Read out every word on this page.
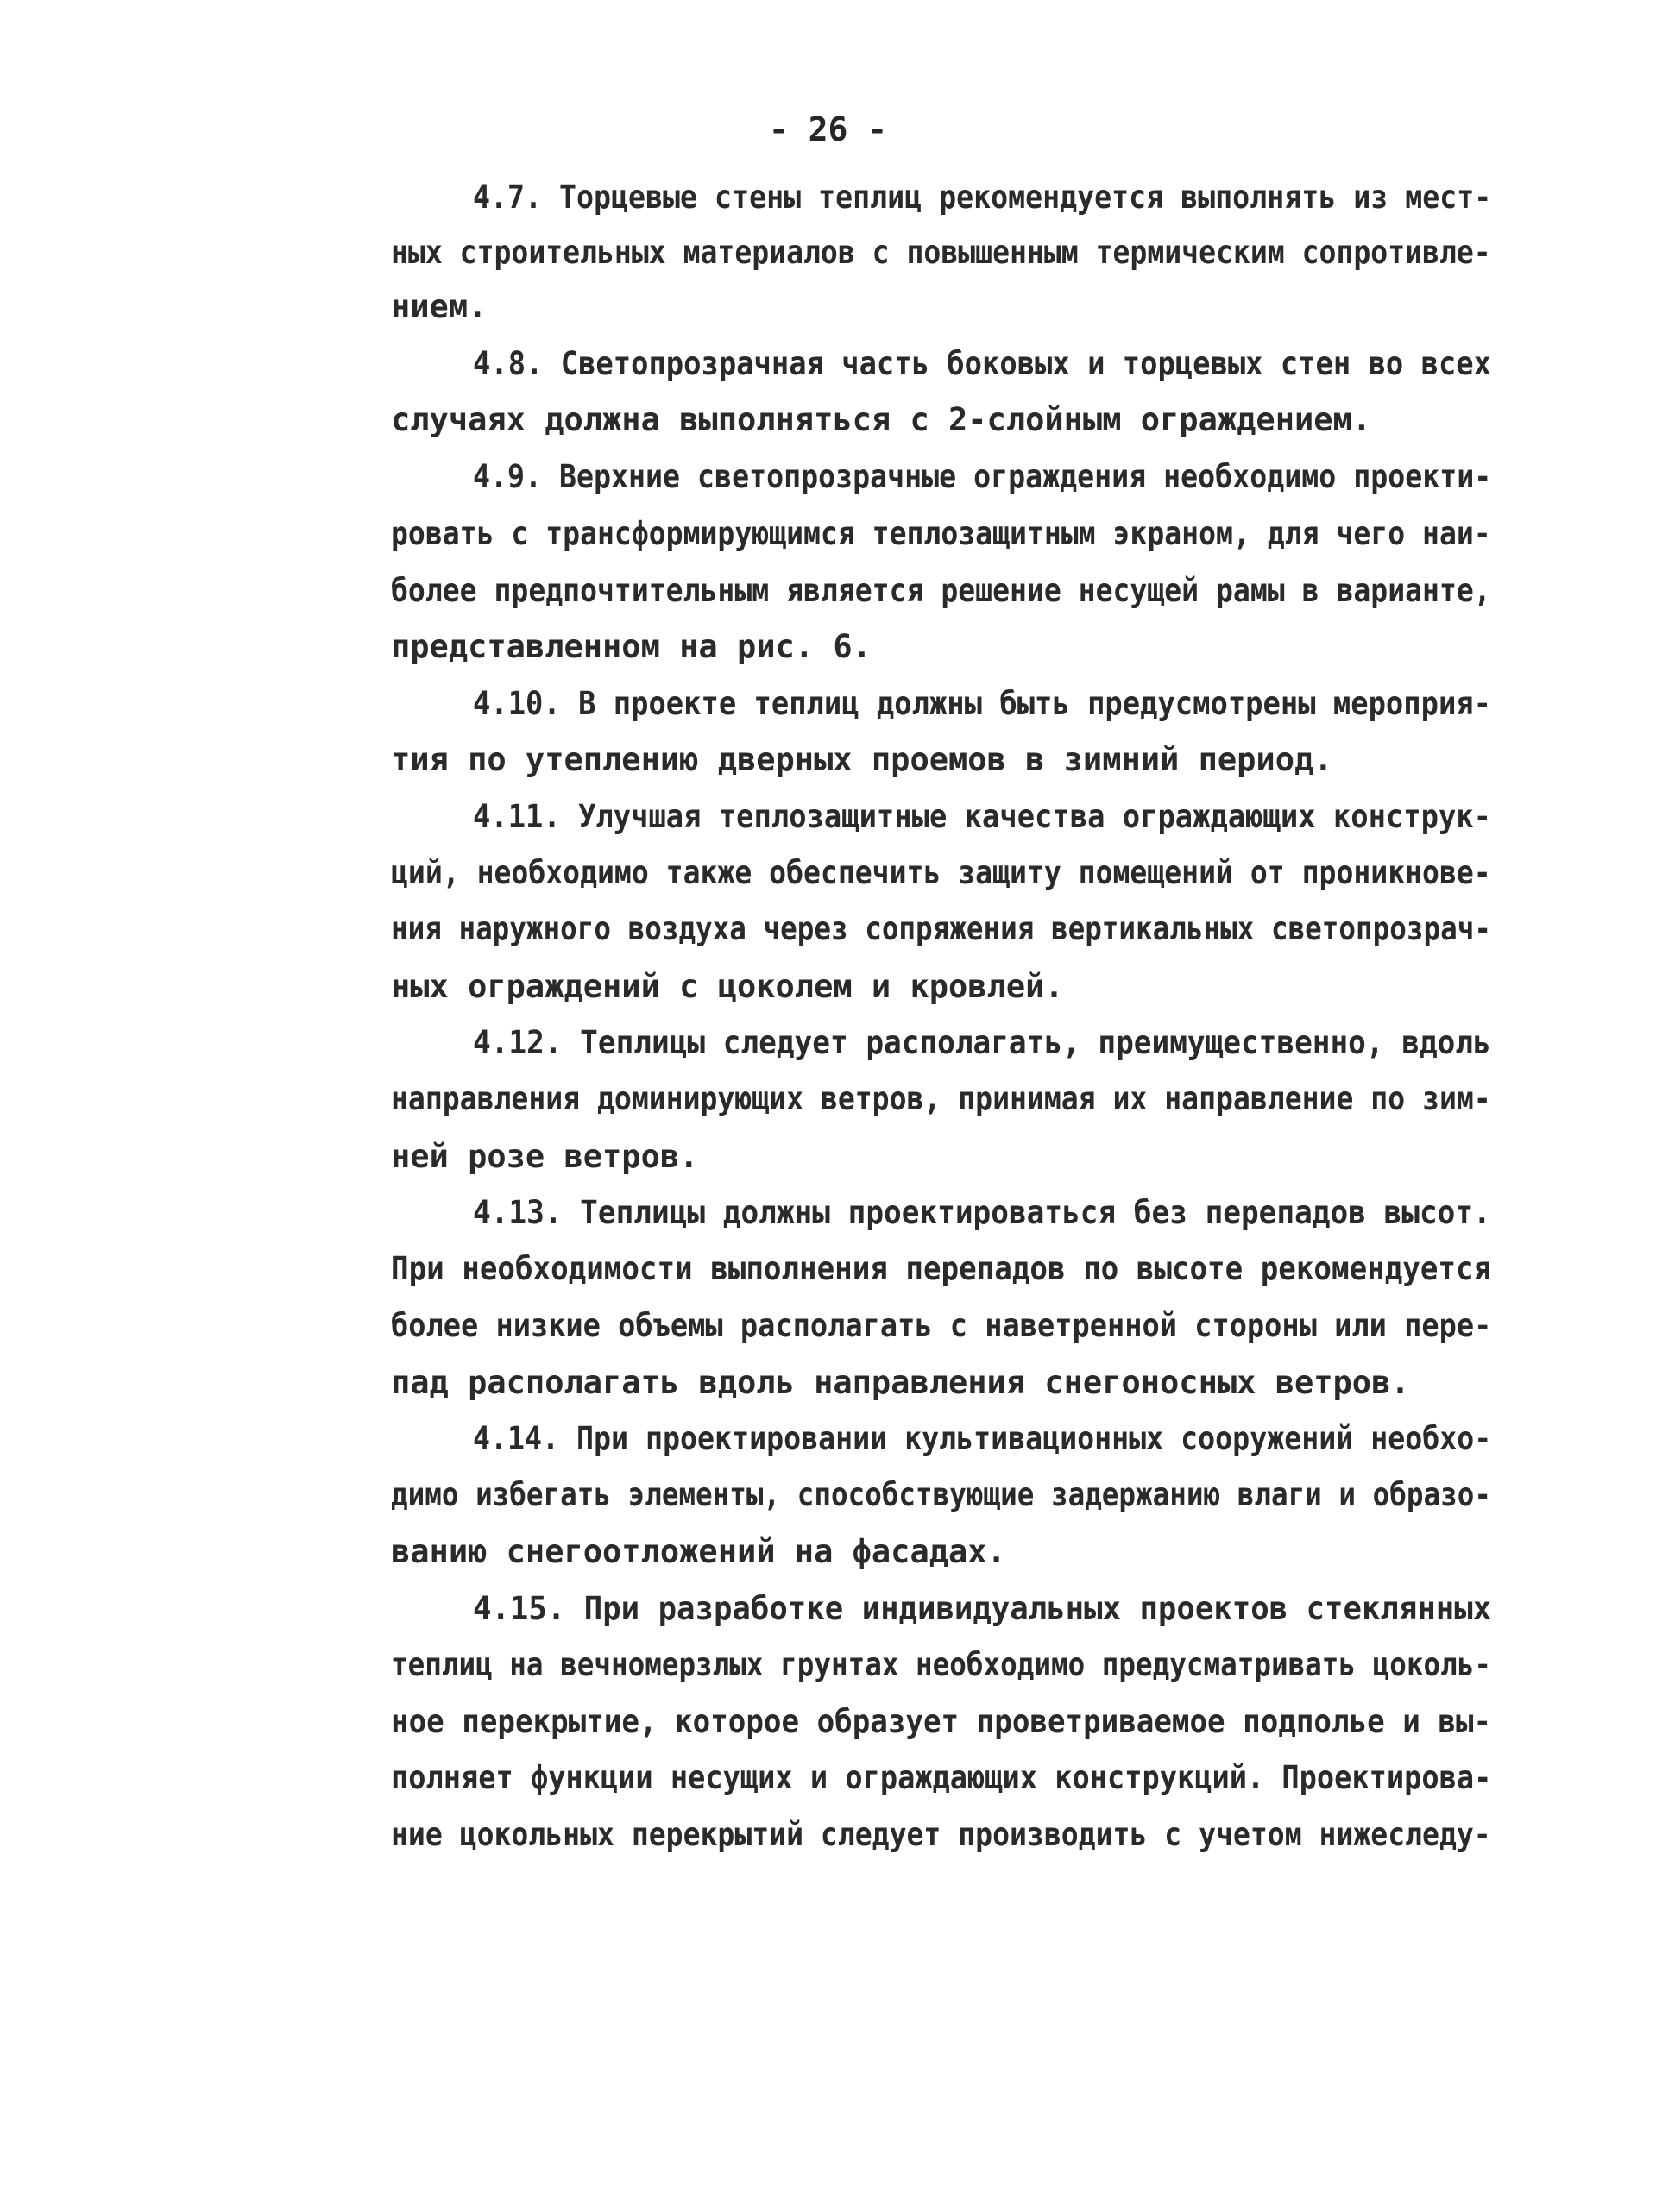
- 26 -
4.7. Торцевые стены теплиц рекомендуется выполнять из мест-
ных строительных материалов с повышенным термическим сопротивле-
нием.
4.8. Светопрозрачная часть боковых и торцевых стен во всех
случаях должна выполняться с 2-слойным ограждением.
4.9. Верхние светопрозрачные ограждения необходимо проекти-
ровать с трансформирующимся теплозащитным экраном, для чего наи-
более предпочтительным является решение несущей рамы в варианте,
представленном на рис. 6.
4.10. В проекте теплиц должны быть предусмотрены мероприя-
тия по утеплению дверных проемов в зимний период.
4.11. Улучшая теплозащитные качества ограждающих конструк-
ций, необходимо также обеспечить защиту помещений от проникнове-
ния наружного воздуха через сопряжения вертикальных светопрозрач-
ных ограждений с цоколем и кровлей.
4.12. Теплицы следует располагать, преимущественно, вдоль
направления доминирующих ветров, принимая их направление по зим-
ней розе ветров.
4.13. Теплицы должны проектироваться без перепадов высот.
При необходимости выполнения перепадов по высоте рекомендуется
более низкие объемы располагать с наветренной стороны или пере-
пад располагать вдоль направления снегоносных ветров.
4.14. При проектировании культивационных сооружений необхо-
димо избегать элементы, способствующие задержанию влаги и образо-
ванию снегоотложений на фасадах.
4.15. При разработке индивидуальных проектов стеклянных
теплиц на вечномерзлых грунтах необходимо предусматривать цоколь-
ное перекрытие, которое образует проветриваемое подполье и вы-
полняет функции несущих и ограждающих конструкций. Проектирова-
ние цокольных перекрытий следует производить с учетом нижеследу-
